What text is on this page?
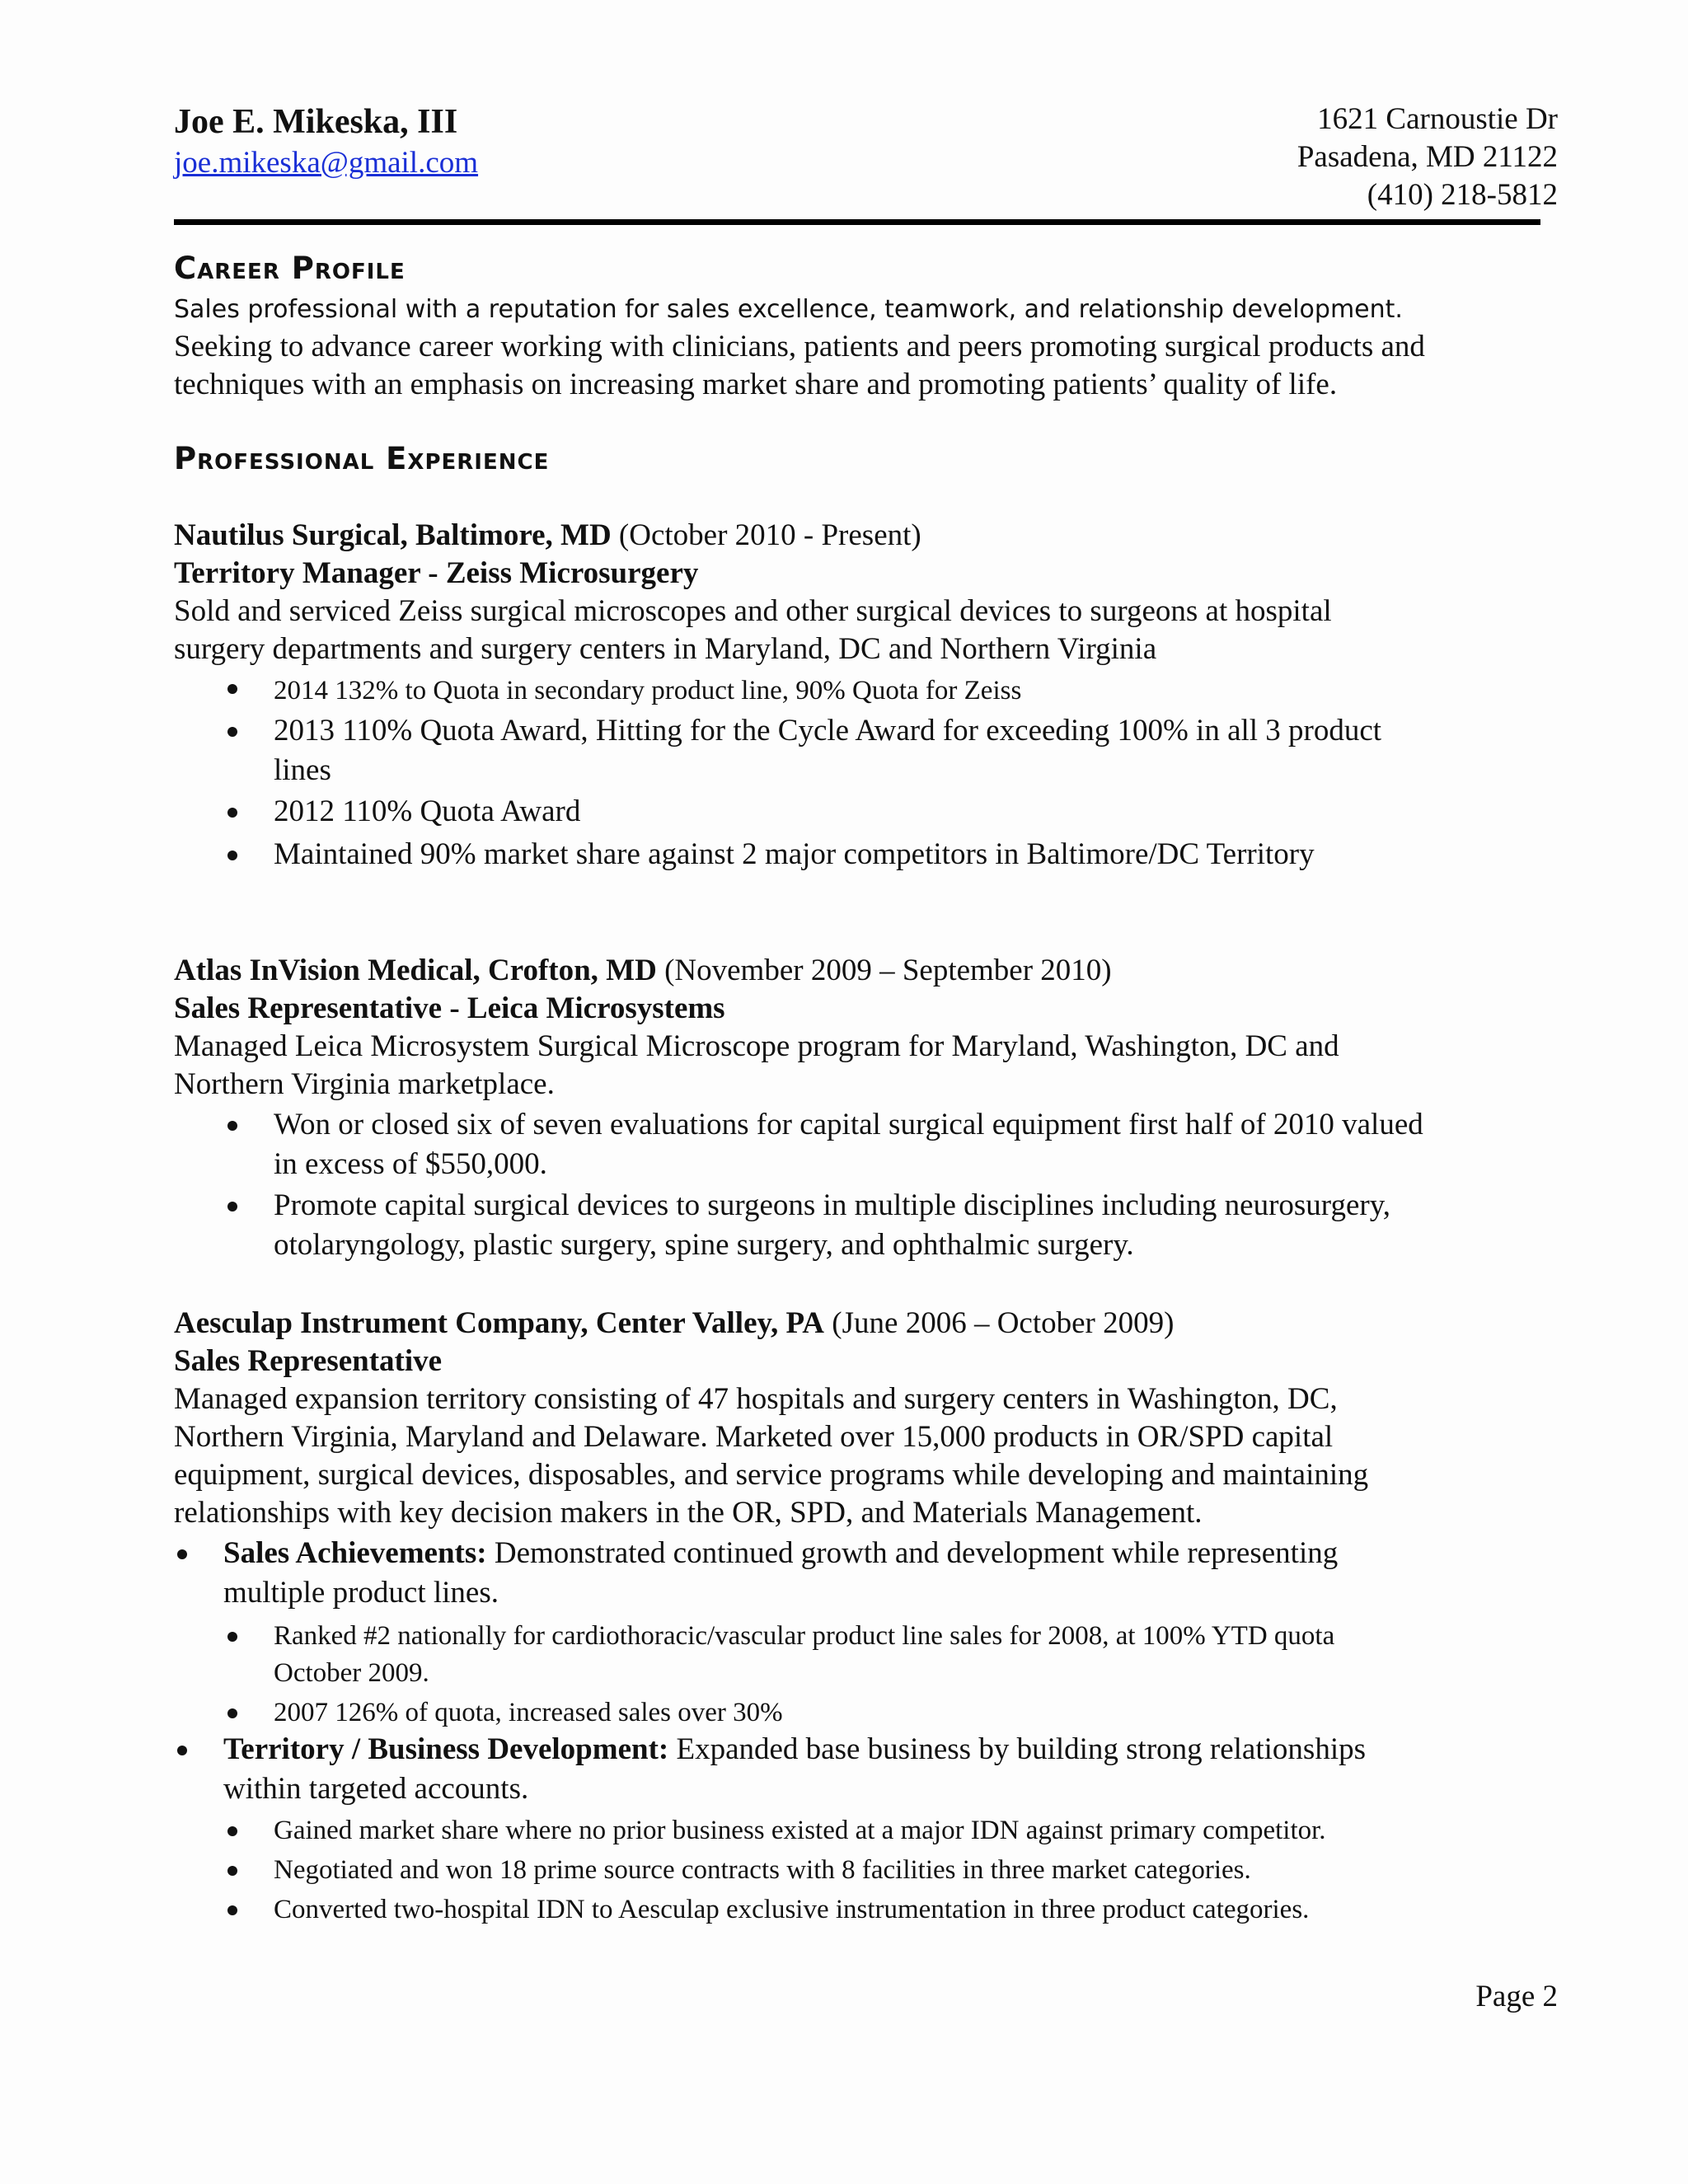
Joe E. Mikeska, III
joe.mikeska@gmail.com
1621 Carnoustie Dr
Pasadena, MD 21122
(410) 218-5812
Career Profile
Sales professional with a reputation for sales excellence, teamwork, and relationship development.
Seeking to advance career working with clinicians, patients and peers promoting surgical products and
techniques with an emphasis on increasing market share and promoting patients’ quality of life.
Professional Experience
Nautilus Surgical, Baltimore, MD (October 2010 - Present)
Territory Manager - Zeiss Microsurgery
Sold and serviced Zeiss surgical microscopes and other surgical devices to surgeons at hospital
surgery departments and surgery centers in Maryland, DC and Northern Virginia
2014 132% to Quota in secondary product line, 90% Quota for Zeiss
2013 110% Quota Award, Hitting for the Cycle Award for exceeding 100% in all 3 product
lines
2012 110% Quota Award
Maintained 90% market share against 2 major competitors in Baltimore/DC Territory
Atlas InVision Medical, Crofton, MD (November 2009 – September 2010)
Sales Representative - Leica Microsystems
Managed Leica Microsystem Surgical Microscope program for Maryland, Washington, DC and
Northern Virginia marketplace.
Won or closed six of seven evaluations for capital surgical equipment first half of 2010 valued
in excess of $550,000.
Promote capital surgical devices to surgeons in multiple disciplines including neurosurgery,
otolaryngology, plastic surgery, spine surgery, and ophthalmic surgery.
Aesculap Instrument Company, Center Valley, PA (June 2006 – October 2009)
Sales Representative
Managed expansion territory consisting of 47 hospitals and surgery centers in Washington, DC,
Northern Virginia, Maryland and Delaware. Marketed over 15,000 products in OR/SPD capital
equipment, surgical devices, disposables, and service programs while developing and maintaining
relationships with key decision makers in the OR, SPD, and Materials Management.
Sales Achievements: Demonstrated continued growth and development while representing
multiple product lines.
Ranked #2 nationally for cardiothoracic/vascular product line sales for 2008, at 100% YTD quota
October 2009.
2007 126% of quota, increased sales over 30%
Territory / Business Development: Expanded base business by building strong relationships
within targeted accounts.
Gained market share where no prior business existed at a major IDN against primary competitor.
Negotiated and won 18 prime source contracts with 8 facilities in three market categories.
Converted two-hospital IDN to Aesculap exclusive instrumentation in three product categories.
Page 2
